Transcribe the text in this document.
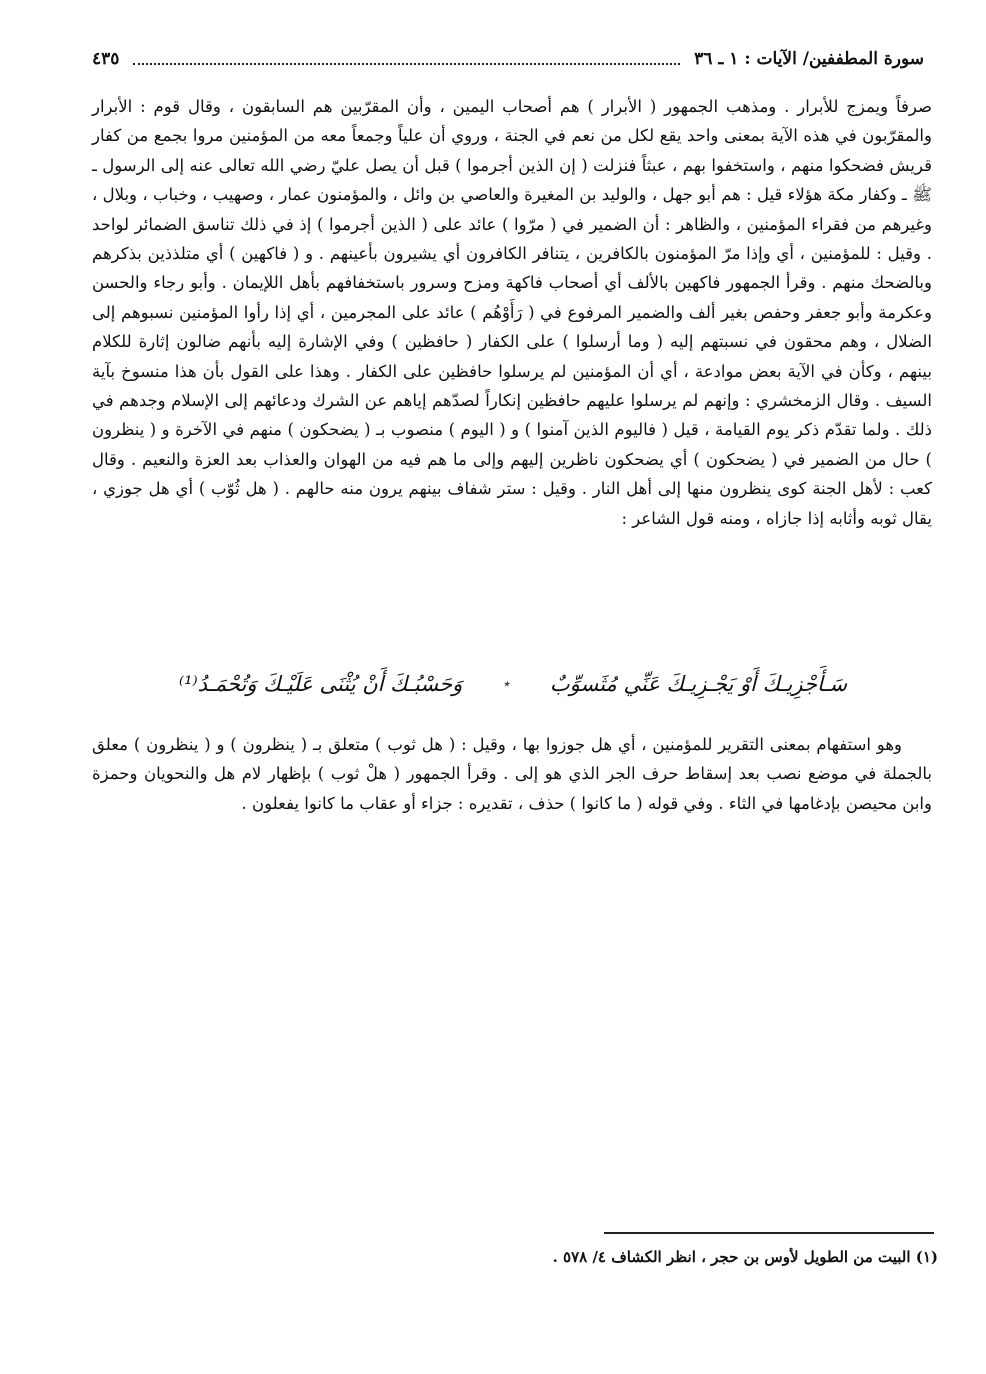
سورة المطففين/ الآيات : ١ ـ ٣٦
٤٣٥

صرفاً ويمزج للأبرار . ومذهب الجمهور ( الأبرار ) هم أصحاب اليمين ، وأن المقرّبين هم السابقون ، وقال قوم : الأبرار والمقرّبون في هذه الآية بمعنى واحد يقع لكل من نعم في الجنة ، وروي أن علياً وجمعاً معه من المؤمنين مروا بجمع من كفار قريش فضحكوا منهم ، واستخفوا بهم ، عبثاً فنزلت ( إن الذين أجرموا ) قبل أن يصل عليّ رضي الله تعالى عنه إلى الرسول ـ ﷺ ـ وكفار مكة هؤلاء قيل : هم أبو جهل ، والوليد بن المغيرة والعاصي بن وائل ، والمؤمنون عمار ، وصهيب ، وخباب ، وبلال ، وغيرهم من فقراء المؤمنين ، والظاهر : أن الضمير في ( مرّوا ) عائد على ( الذين أجرموا ) إذ في ذلك تناسق الضمائر لواحد . وقيل : للمؤمنين ، أي وإذا مرّ المؤمنون بالكافرين ، يتنافر الكافرون أي يشيرون بأعينهم . و ( فاكهين ) أي متلذذين بذكرهم وبالضحك منهم . وقرأ الجمهور فاكهين بالألف أي أصحاب فاكهة ومزح وسرور باستخفافهم بأهل اللإيمان . وأبو رجاء والحسن وعكرمة وأبو جعفر وحفص بغير ألف والضمير المرفوع في ( رَأَوْهُم ) عائد على المجرمين ، أي إذا رأوا المؤمنين نسبوهم إلى الضلال ، وهم محقون في نسبتهم إليه ( وما أرسلوا ) على الكفار ( حافظين ) وفي الإشارة إليه بأنهم ضالون إثارة للكلام بينهم ، وكأن في الآية بعض موادعة ، أي أن المؤمنين لم يرسلوا حافظين على الكفار . وهذا على القول بأن هذا منسوخ بآية السيف . وقال الزمخشري : وإنهم لم يرسلوا عليهم حافظين إنكاراً لصدّهم إياهم عن الشرك ودعائهم إلى الإسلام وجدهم في ذلك . ولما تقدّم ذكر يوم القيامة ، قيل ( فاليوم الذين آمنوا ) و ( اليوم ) منصوب بـ ( يضحكون ) منهم في الآخرة و ( ينظرون ) حال من الضمير في ( يضحكون ) أي يضحكون ناظرين إليهم وإلى ما هم فيه من الهوان والعذاب بعد العزة والنعيم . وقال كعب : لأهل الجنة كوى ينظرون منها إلى أهل النار . وقيل : ستر شفاف بينهم يرون منه حالهم . ( هل ثُوّب ) أي هل جوزي ، يقال ثوبه وأثابه إذا جازاه ، ومنه قول الشاعر :

سَـأَجْزِيـكَ أَوْ يَجْـزِيـكَ عَنِّي مُثَسوِّبٌ
٭
وَحَسْبُـكَ أَنْ يُثْنَى عَلَيْـكَ وَتُحْمَـدُ⁽¹⁾

وهو استفهام بمعنى التقرير للمؤمنين ، أي هل جوزوا بها ، وقيل : ( هل ثوب ) متعلق بـ ( ينظرون ) و ( ينظرون ) معلق بالجملة في موضع نصب بعد إسقاط حرف الجر الذي هو إلى . وقرأ الجمهور ( هلْ ثوب ) بإظهار لام هل والنحويان وحمزة وابن محيصن بإدغامها في الثاء . وفي قوله ( ما كانوا ) حذف ، تقديره : جزاء أو عقاب ما كانوا يفعلون .

(١) البيت من الطويل لأوس بن حجر ، انظر الكشاف ٤/ ٥٧٨ .
